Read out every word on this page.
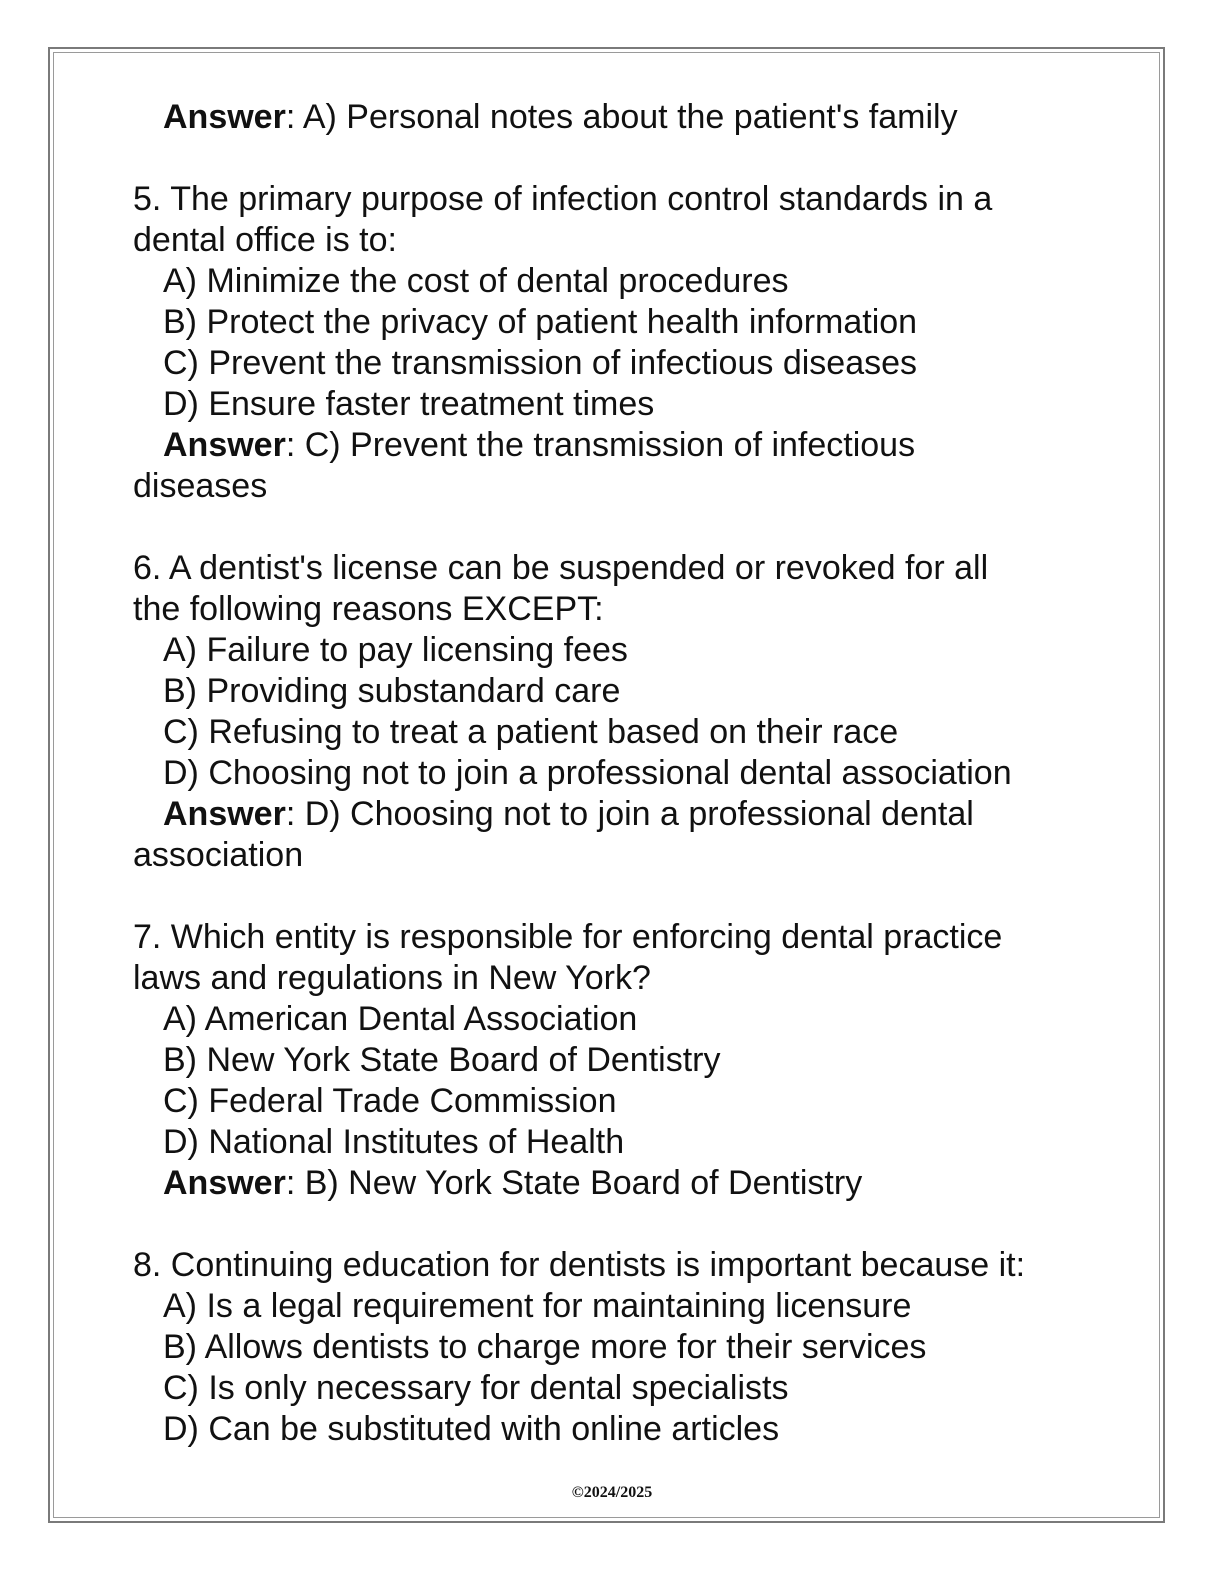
Answer: A) Personal notes about the patient's family
5. The primary purpose of infection control standards in a
dental office is to:
A) Minimize the cost of dental procedures
B) Protect the privacy of patient health information
C) Prevent the transmission of infectious diseases
D) Ensure faster treatment times
Answer: C) Prevent the transmission of infectious
diseases
6. A dentist's license can be suspended or revoked for all
the following reasons EXCEPT:
A) Failure to pay licensing fees
B) Providing substandard care
C) Refusing to treat a patient based on their race
D) Choosing not to join a professional dental association
Answer: D) Choosing not to join a professional dental
association
7. Which entity is responsible for enforcing dental practice
laws and regulations in New York?
A) American Dental Association
B) New York State Board of Dentistry
C) Federal Trade Commission
D) National Institutes of Health
Answer: B) New York State Board of Dentistry
8. Continuing education for dentists is important because it:
A) Is a legal requirement for maintaining licensure
B) Allows dentists to charge more for their services
C) Is only necessary for dental specialists
D) Can be substituted with online articles
©2024/2025
